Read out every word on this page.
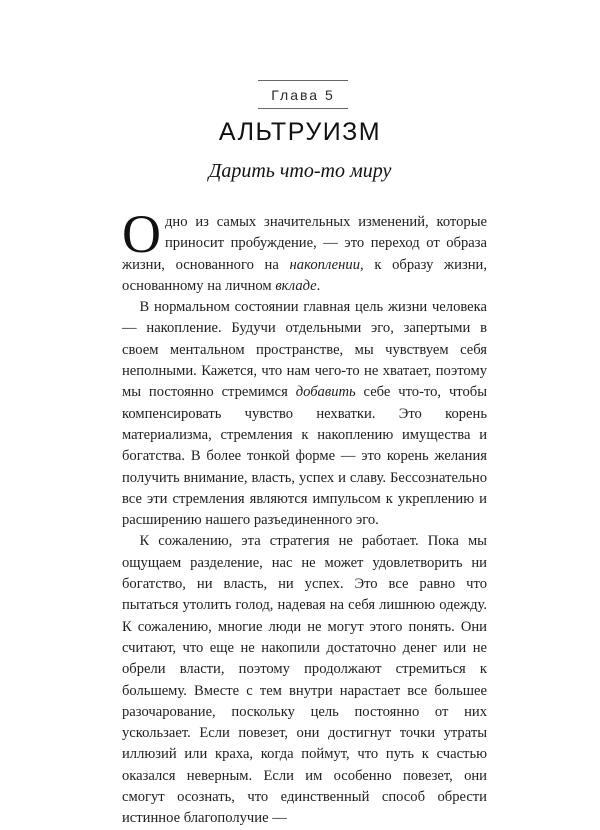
Глава 5
АЛЬТРУИЗМ
Дарить что-то миру

Одно из самых значительных изменений, которые приносит пробуждение, — это переход от образа жизни, основанного на накоплении, к образу жизни, основанному на личном вкладе.

В нормальном состоянии главная цель жизни человека — накопление. Будучи отдельными эго, запертыми в своем ментальном пространстве, мы чувствуем себя неполными. Кажется, что нам чего-то не хватает, поэтому мы постоянно стремимся добавить себе что-то, чтобы компенсировать чувство нехватки. Это корень материализма, стремления к накоплению имущества и богатства. В более тонкой форме — это корень желания получить внимание, власть, успех и славу. Бессознательно все эти стремления являются импульсом к укреплению и расширению нашего разъединенного эго.

К сожалению, эта стратегия не работает. Пока мы ощущаем разделение, нас не может удовлетворить ни богатство, ни власть, ни успех. Это все равно что пытаться утолить голод, надевая на себя лишнюю одежду. К сожалению, многие люди не могут этого понять. Они считают, что еще не накопили достаточно денег или не обрели власти, поэтому продолжают стремиться к большему. Вместе с тем внутри нарастает все большее разочарование, поскольку цель постоянно от них ускользает. Если повезет, они достигнут точки утраты иллюзий или краха, когда поймут, что путь к счастью оказался неверным. Если им особенно повезет, они смогут осознать, что единственный способ обрести истинное благополучие —
